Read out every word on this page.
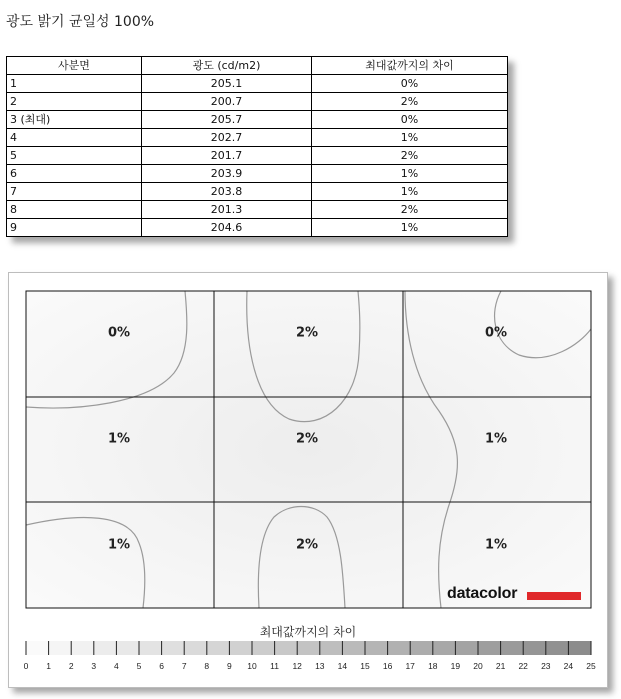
광도 밝기 균일성 100%
사분면	광도 (cd/m2)	최대값까지의 차이
1	205.1	0%
2	200.7	2%
3 (최대)	205.7	0%
4	202.7	1%
5	201.7	2%
6	203.9	1%
7	203.8	1%
8	201.3	2%
9	204.6	1%
0%	2%	0%
1%	2%	1%
1%	2%	1%
datacolor
최대값까지의 차이
0 1 2 3 4 5 6 7 8 9 10 11 12 13 14 15 16 17 18 19 20 21 22 23 24 25
